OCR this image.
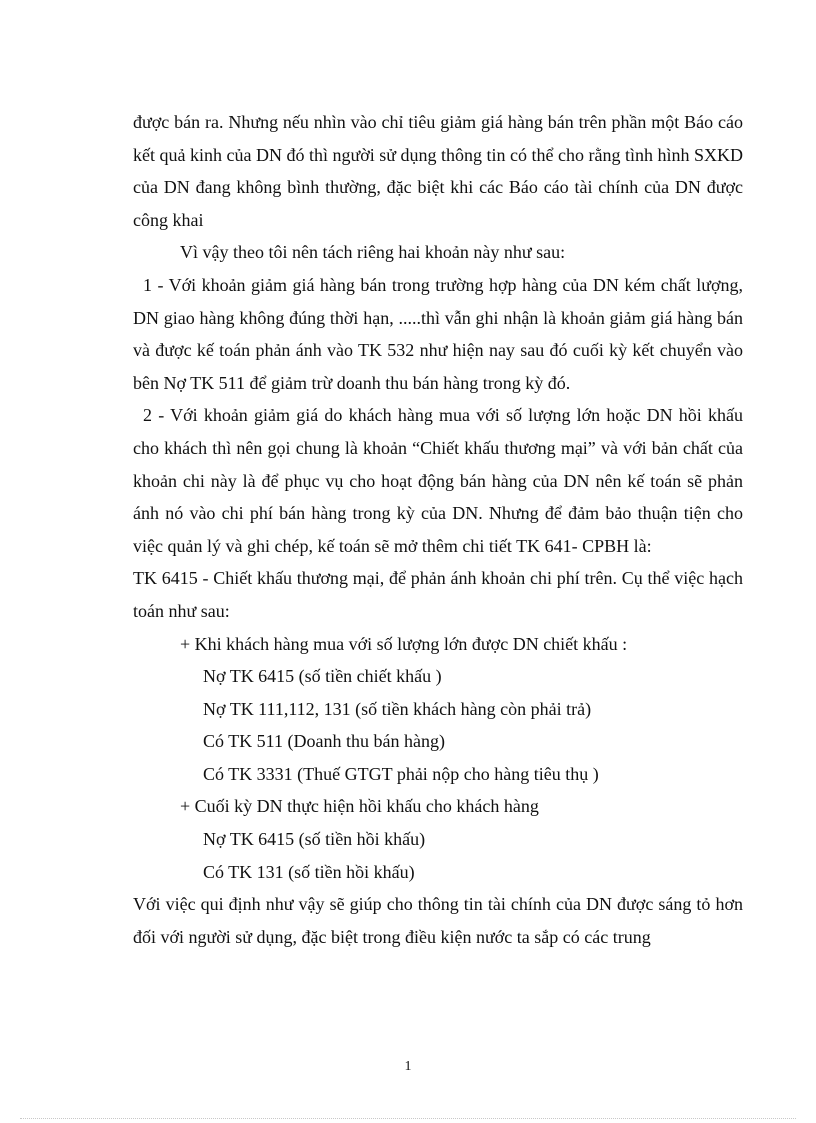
được bán ra. Nhưng nếu nhìn vào chỉ tiêu giảm giá hàng bán trên phần một Báo cáo kết quả kinh của DN đó thì người sử dụng thông tin có thể cho rằng tình hình SXKD của DN đang không bình thường, đặc biệt khi các Báo cáo tài chính của DN được công khai

Vì vậy theo tôi nên tách riêng hai khoản này như sau:

1 - Với khoản giảm giá hàng bán trong trường hợp hàng của DN kém chất lượng, DN giao hàng không đúng thời hạn, .....thì vẫn ghi nhận là khoản giảm giá hàng bán và được kế toán phản ánh vào TK 532 như hiện nay sau đó cuối kỳ kết chuyển vào bên Nợ TK 511 để giảm trừ doanh thu bán hàng trong kỳ đó.

2 - Với khoản giảm giá do khách hàng mua với số lượng lớn hoặc DN hồi khấu cho khách thì nên gọi chung là khoản “Chiết khấu thương mại” và với bản chất của khoản chi này là để phục vụ cho hoạt động bán hàng của DN nên kế toán sẽ phản ánh nó vào chi phí bán hàng trong kỳ của DN. Nhưng để đảm bảo thuận tiện cho việc quản lý và ghi chép, kế toán sẽ mở thêm chi tiết TK 641- CPBH là:

TK 6415 - Chiết khấu thương mại, để phản ánh khoản chi phí trên. Cụ thể việc hạch toán như sau:

+ Khi khách hàng mua với số lượng lớn được DN chiết khấu :

Nợ TK 6415 (số tiền chiết khấu )

Nợ TK 111,112, 131 (số tiền khách hàng còn phải trả)

Có TK 511 (Doanh thu bán hàng)

Có TK 3331 (Thuế GTGT phải nộp cho hàng tiêu thụ )

+ Cuối kỳ DN thực hiện hồi khấu cho khách hàng

Nợ TK 6415 (số tiền hồi khấu)

Có TK 131 (số tiền hồi khấu)

Với việc qui định như vậy sẽ giúp cho thông tin tài chính của DN được sáng tỏ hơn đối với người sử dụng, đặc biệt trong điều kiện nước ta sắp có các trung

1
